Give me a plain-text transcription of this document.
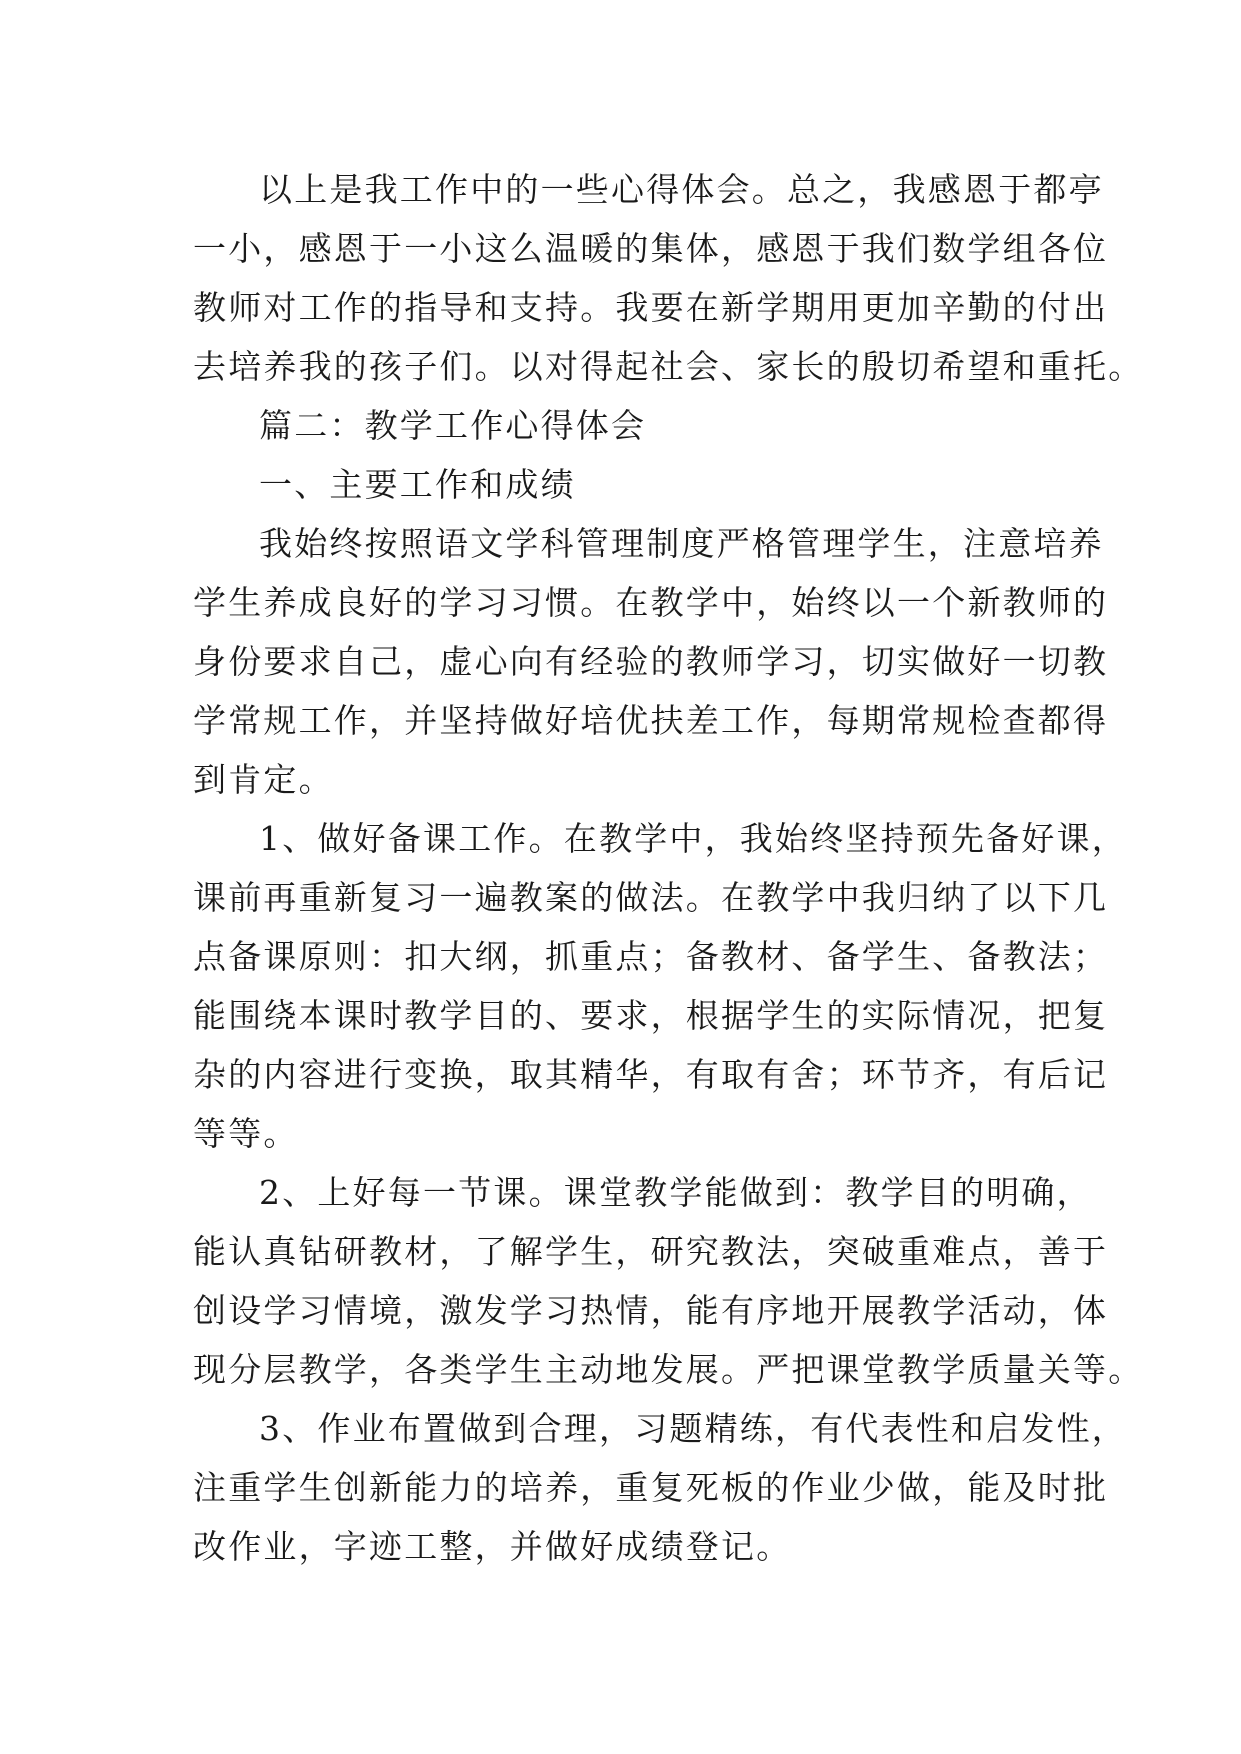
以上是我工作中的一些心得体会。总之，我感恩于都亭
一小，感恩于一小这么温暖的集体，感恩于我们数学组各位
教师对工作的指导和支持。我要在新学期用更加辛勤的付出
去培养我的孩子们。以对得起社会、家长的殷切希望和重托。
篇二：教学工作心得体会
一、主要工作和成绩
我始终按照语文学科管理制度严格管理学生，注意培养
学生养成良好的学习习惯。在教学中，始终以一个新教师的
身份要求自己，虚心向有经验的教师学习，切实做好一切教
学常规工作，并坚持做好培优扶差工作，每期常规检查都得
到肯定。
1、做好备课工作。在教学中，我始终坚持预先备好课，
课前再重新复习一遍教案的做法。在教学中我归纳了以下几
点备课原则：扣大纲，抓重点；备教材、备学生、备教法；
能围绕本课时教学目的、要求，根据学生的实际情况，把复
杂的内容进行变换，取其精华，有取有舍；环节齐，有后记
等等。
2、上好每一节课。课堂教学能做到：教学目的明确，
能认真钻研教材，了解学生，研究教法，突破重难点，善于
创设学习情境，激发学习热情，能有序地开展教学活动，体
现分层教学，各类学生主动地发展。严把课堂教学质量关等。
3、作业布置做到合理，习题精练，有代表性和启发性，
注重学生创新能力的培养，重复死板的作业少做，能及时批
改作业，字迹工整，并做好成绩登记。
